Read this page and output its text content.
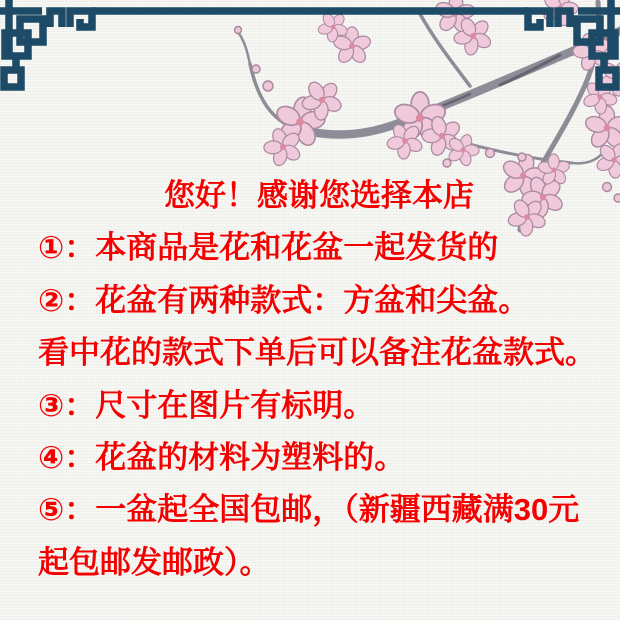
您好！感谢您选择本店
①：本商品是花和花盆一起发货的
②：花盆有两种款式：方盆和尖盆。
看中花的款式下单后可以备注花盆款式。
③：尺寸在图片有标明。
④：花盆的材料为塑料的。
⑤：一盆起全国包邮，（新疆西藏满30元
起包邮发邮政）。
